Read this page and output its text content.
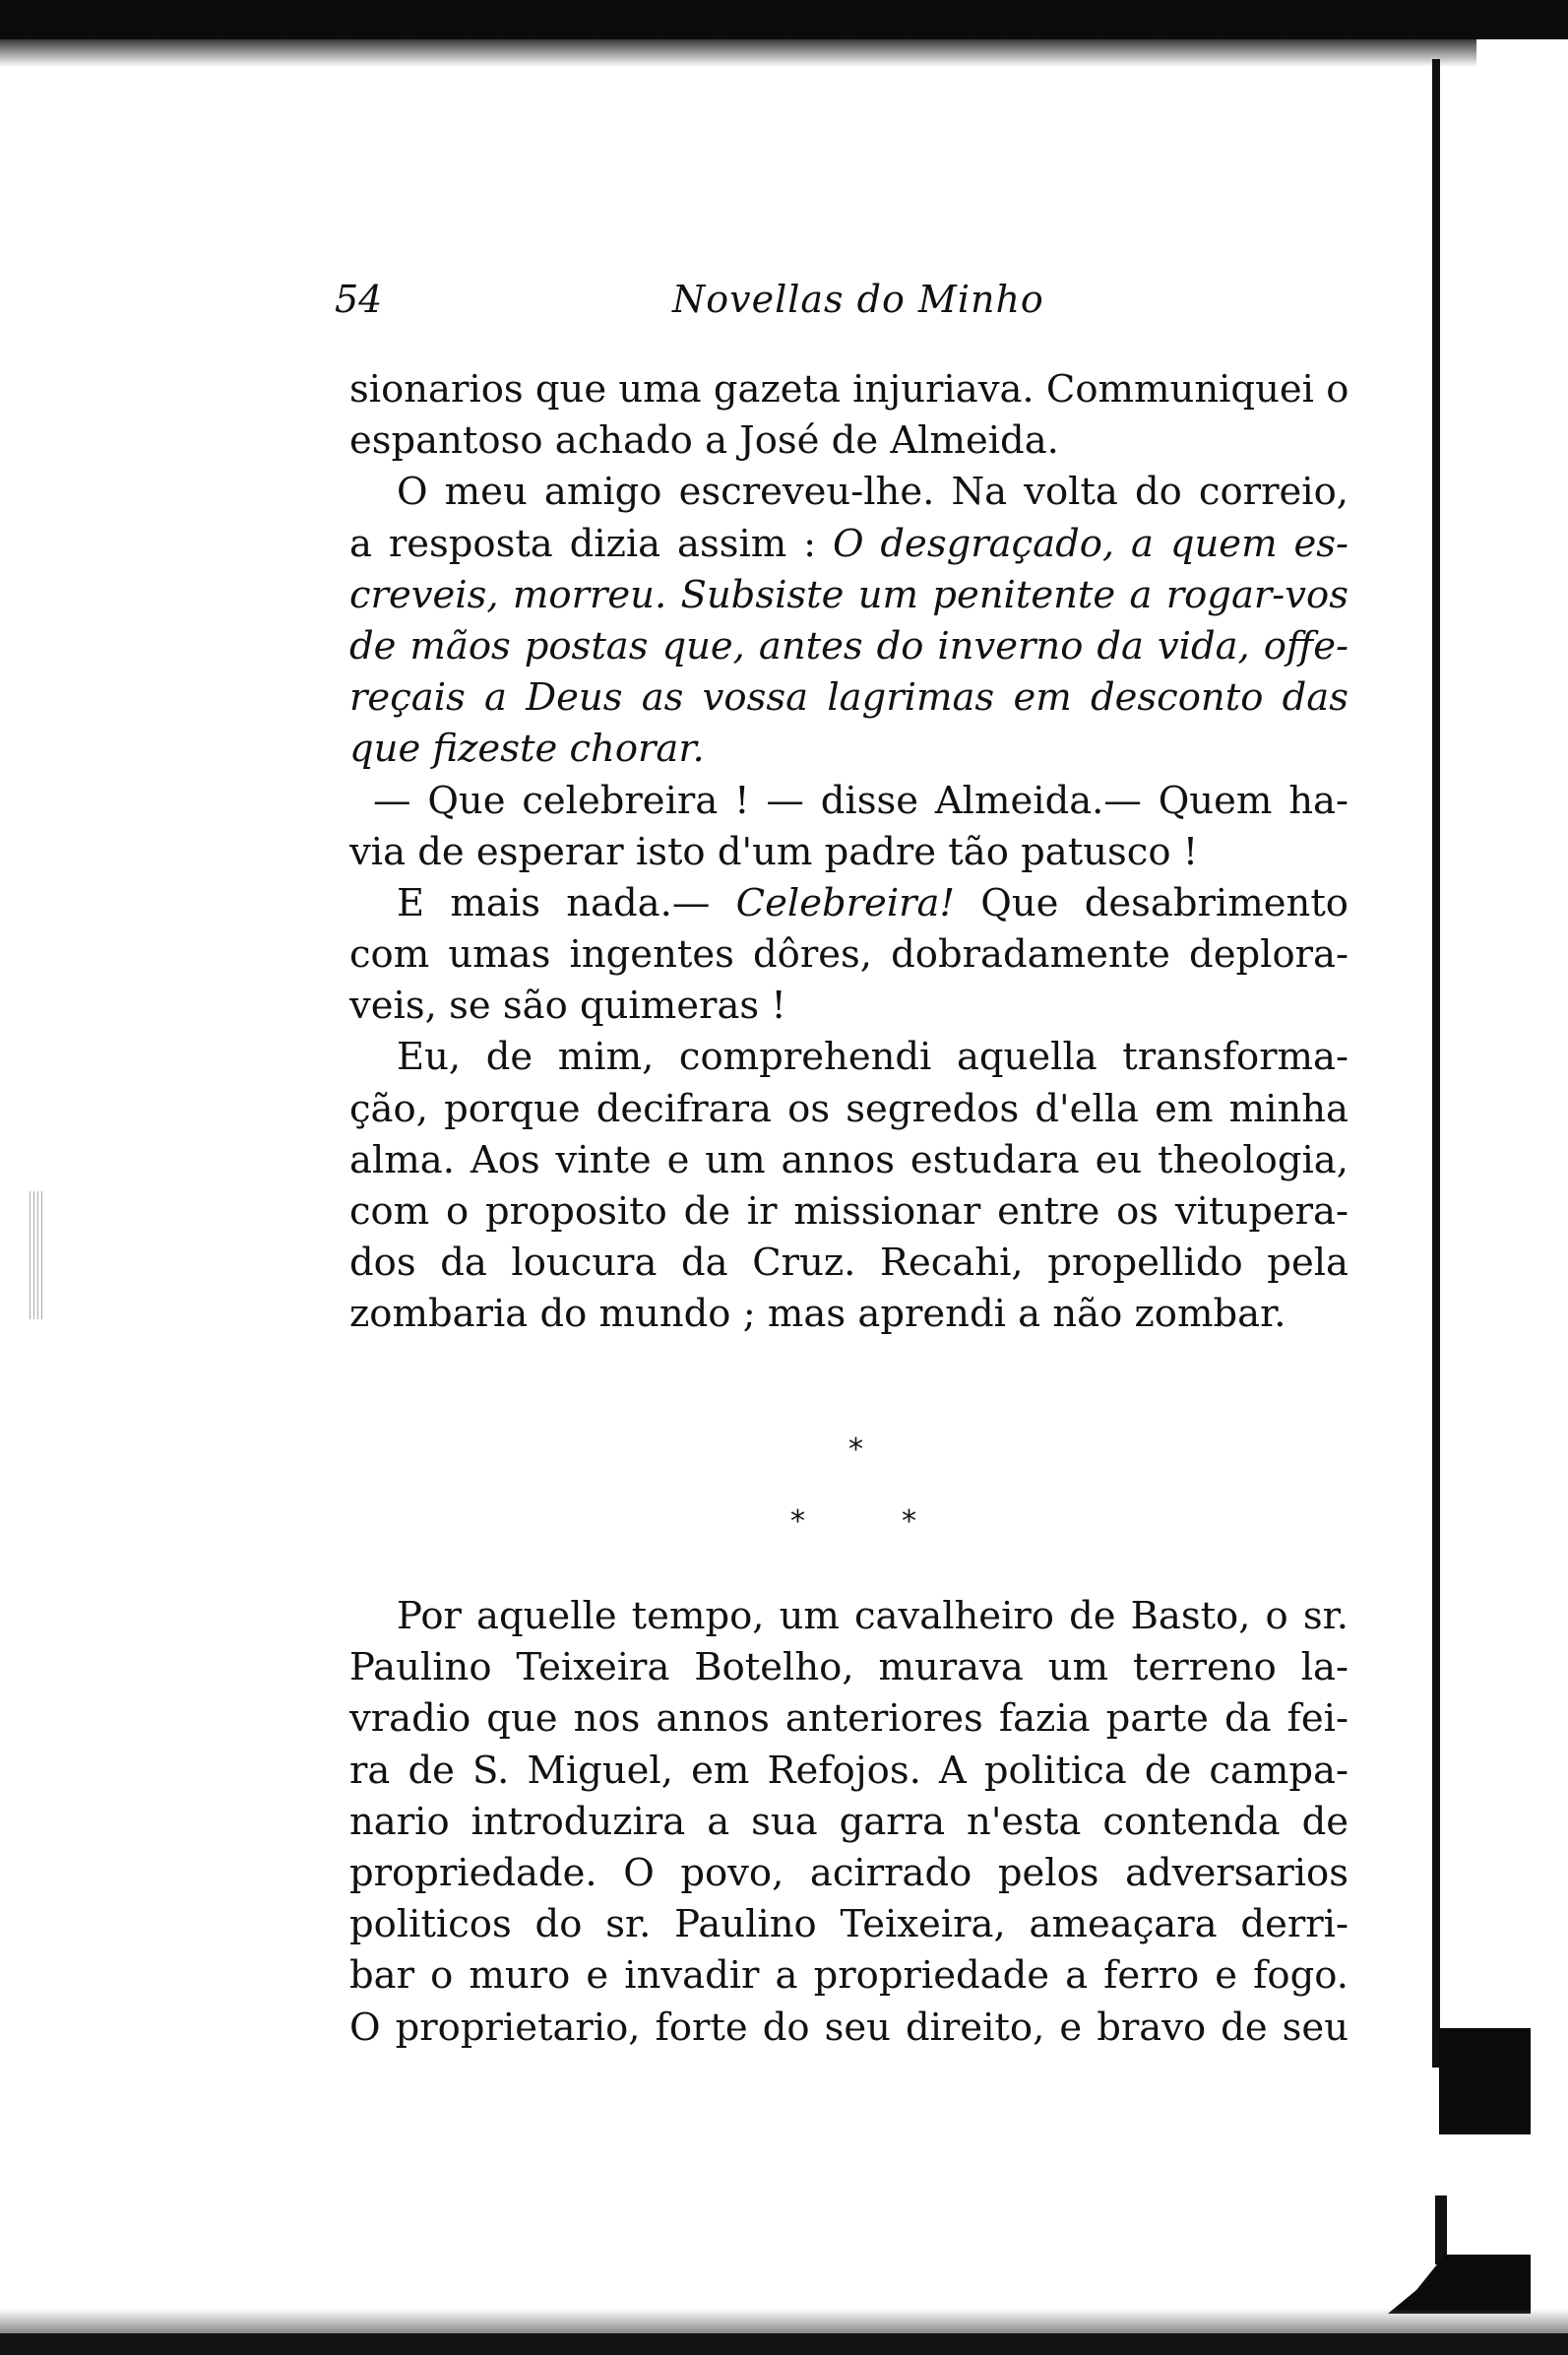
54	Novellas do Minho
sionarios que uma gazeta injuriava. Communiquei o
espantoso achado a José de Almeida.
O meu amigo escreveu-lhe. Na volta do correio,
a resposta dizia assim : O desgraçado, a quem es-
creveis, morreu. Subsiste um penitente a rogar-vos
de mãos postas que, antes do inverno da vida, offe-
reçais a Deus as vossa lagrimas em desconto das
que fizeste chorar.
— Que celebreira ! — disse Almeida.— Quem ha-
via de esperar isto d'um padre tão patusco !
E mais nada.— Celebreira! Que desabrimento
com umas ingentes dôres, dobradamente deplora-
veis, se são quimeras !
Eu, de mim, comprehendi aquella transforma-
ção, porque decifrara os segredos d'ella em minha
alma. Aos vinte e um annos estudara eu theologia,
com o proposito de ir missionar entre os vitupera-
dos da loucura da Cruz. Recahi, propellido pela
zombaria do mundo ; mas aprendi a não zombar.
*
*	*
Por aquelle tempo, um cavalheiro de Basto, o sr.
Paulino Teixeira Botelho, murava um terreno la-
vradio que nos annos anteriores fazia parte da fei-
ra de S. Miguel, em Refojos. A politica de campa-
nario introduzira a sua garra n'esta contenda de
propriedade. O povo, acirrado pelos adversarios
politicos do sr. Paulino Teixeira, ameaçara derri-
bar o muro e invadir a propriedade a ferro e fogo.
O proprietario, forte do seu direito, e bravo de seu
